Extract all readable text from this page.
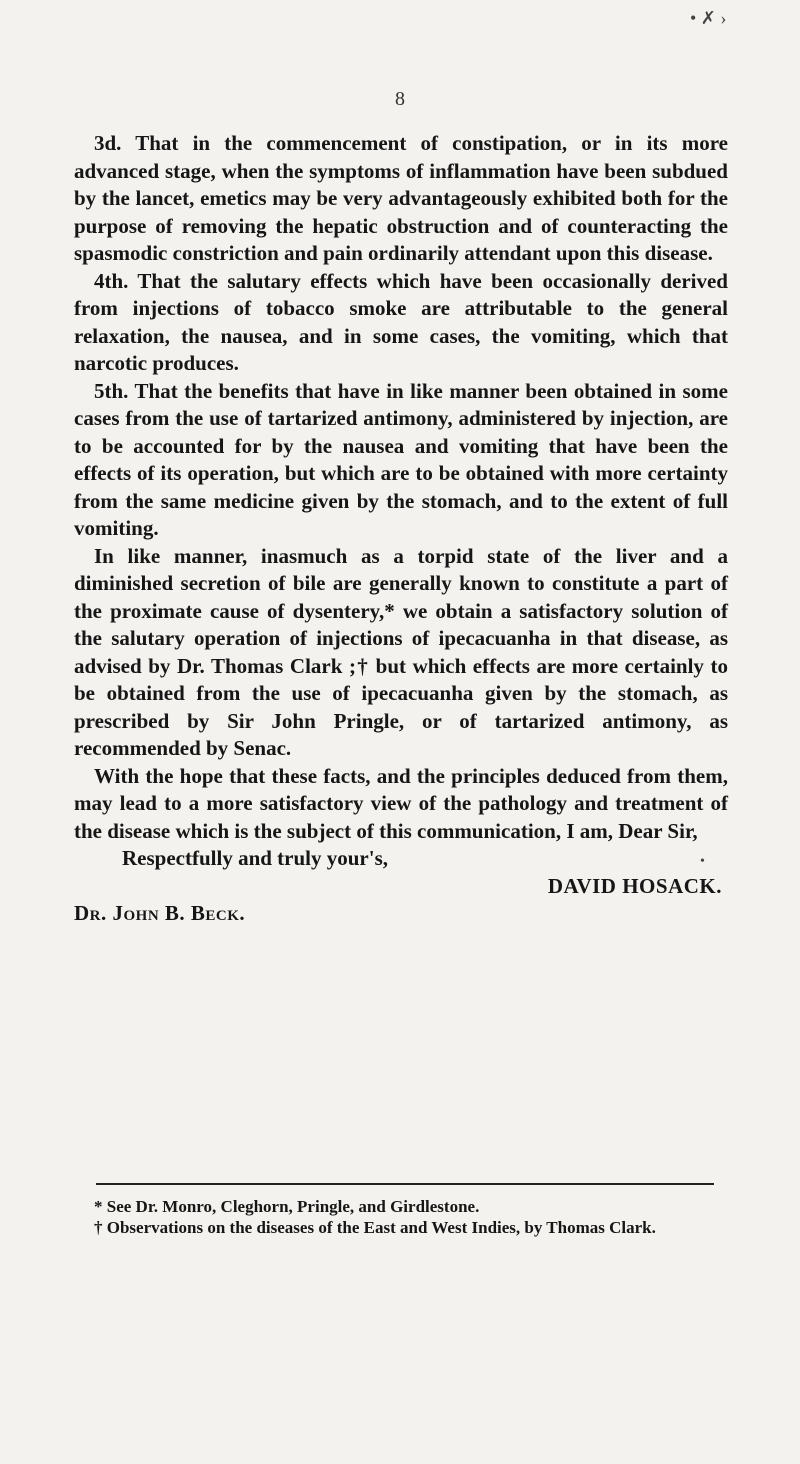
• ✗ ›
8
•

3d. That in the commencement of constipation, or in its more advanced stage, when the symptoms of inflammation have been subdued by the lancet, emetics may be very advantageously exhibited both for the purpose of removing the hepatic obstruction and of counteracting the spasmodic constriction and pain ordinarily attendant upon this disease.

4th. That the salutary effects which have been occasionally derived from injections of tobacco smoke are attributable to the general relaxation, the nausea, and in some cases, the vomiting, which that narcotic produces.

5th. That the benefits that have in like manner been obtained in some cases from the use of tartarized antimony, administered by injection, are to be accounted for by the nausea and vomiting that have been the effects of its operation, but which are to be obtained with more certainty from the same medicine given by the stomach, and to the extent of full vomiting.

In like manner, inasmuch as a torpid state of the liver and a diminished secretion of bile are generally known to constitute a part of the proximate cause of dysentery,* we obtain a satisfactory solution of the salutary operation of injections of ipecacuanha in that disease, as advised by Dr. Thomas Clark ;† but which effects are more certainly to be obtained from the use of ipecacuanha given by the stomach, as prescribed by Sir John Pringle, or of tartarized antimony, as recommended by Senac.

With the hope that these facts, and the principles deduced from them, may lead to a more satisfactory view of the pathology and treatment of the disease which is the subject of this communication, I am, Dear Sir,

Respectfully and truly your's,

DAVID HOSACK.

Dr. John B. Beck.

* See Dr. Monro, Cleghorn, Pringle, and Girdlestone.

† Observations on the diseases of the East and West Indies, by Thomas Clark.
